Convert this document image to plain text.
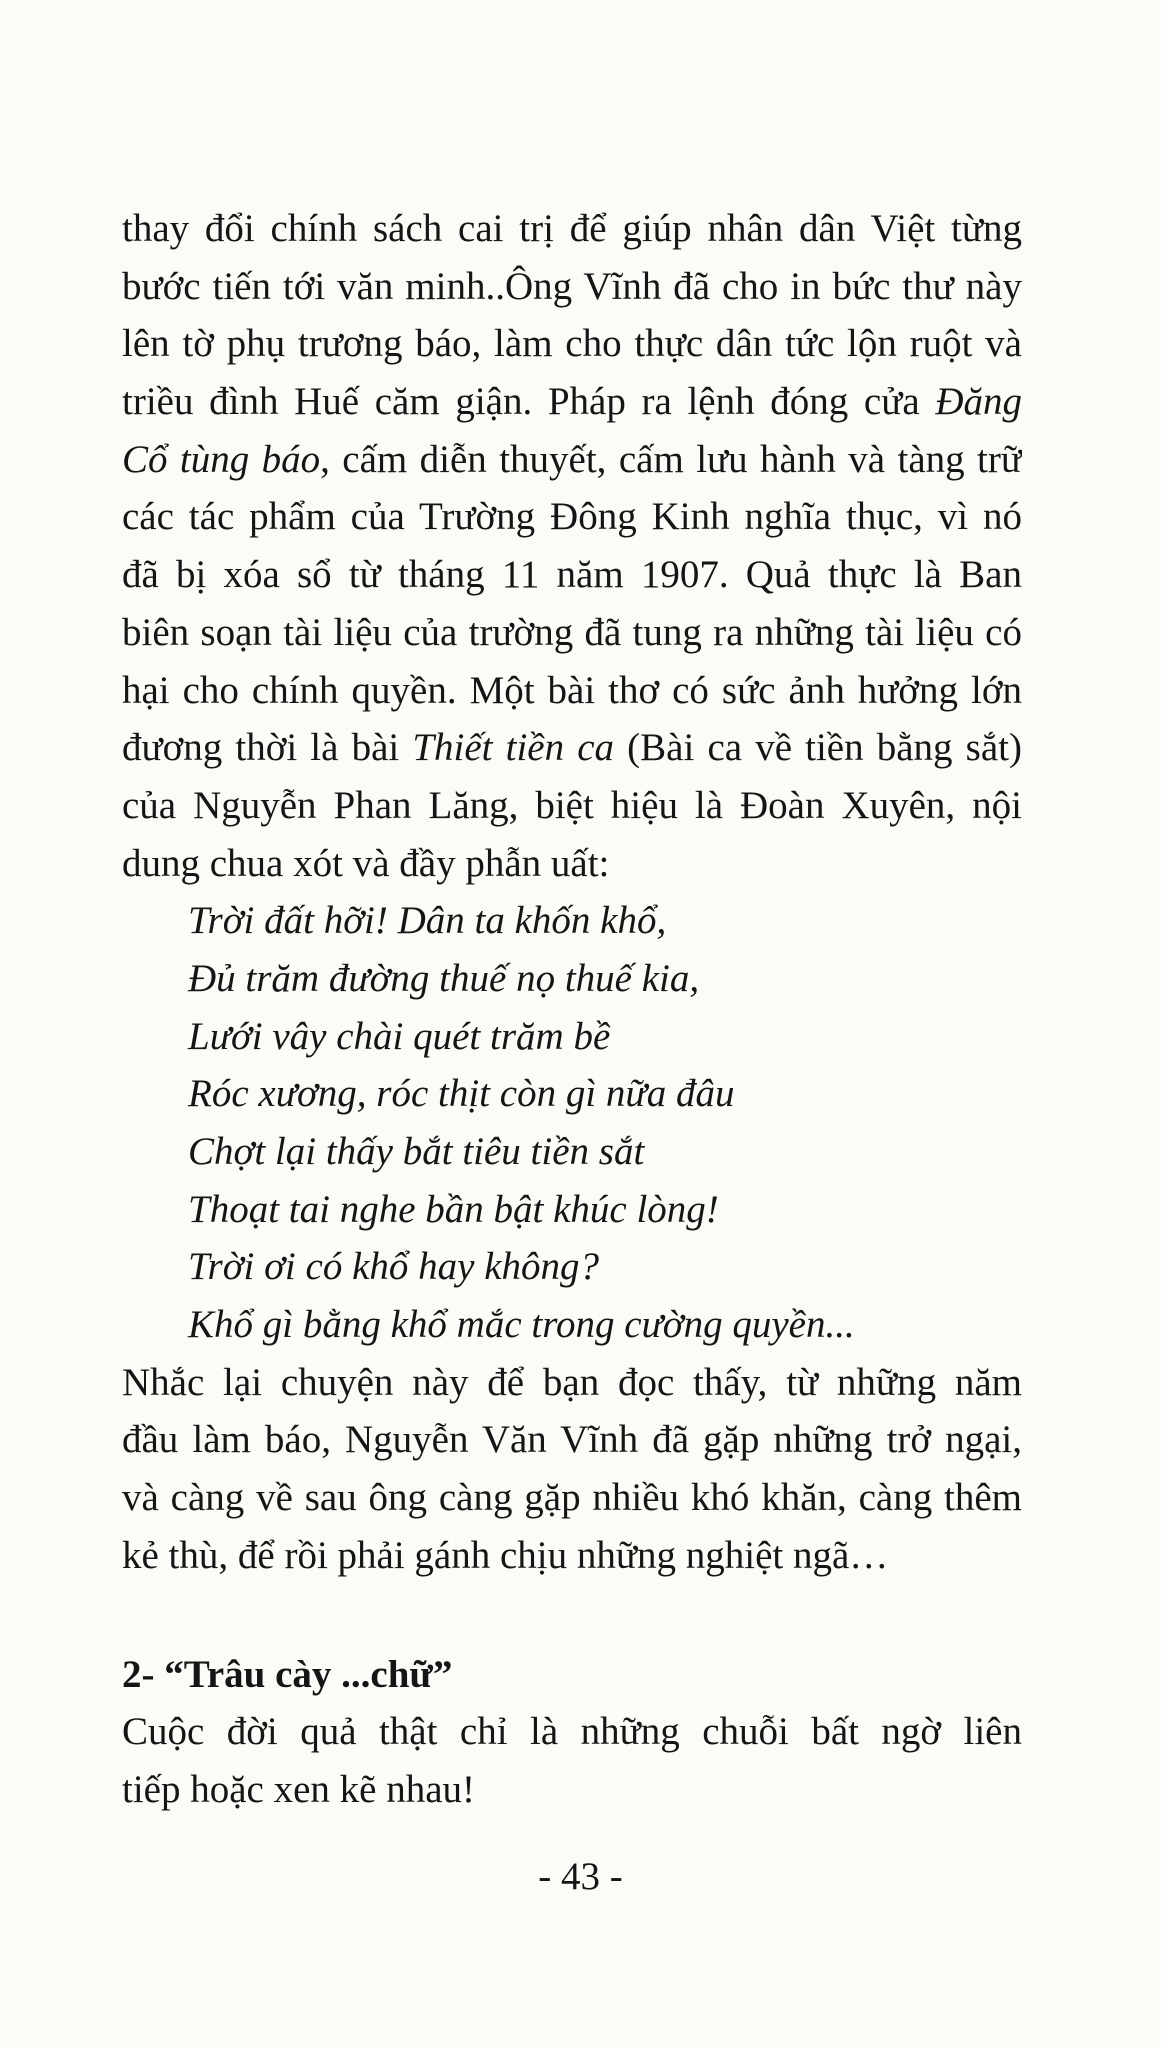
thay đổi chính sách cai trị để giúp nhân dân Việt từng
bước tiến tới văn minh..Ông Vĩnh đã cho in bức thư này
lên tờ phụ trương báo, làm cho thực dân tức lộn ruột và
triều đình Huế căm giận. Pháp ra lệnh đóng cửa Đăng
Cổ tùng báo, cấm diễn thuyết, cấm lưu hành và tàng trữ
các tác phẩm của Trường Đông Kinh nghĩa thục, vì nó
đã bị xóa sổ từ tháng 11 năm 1907. Quả thực là Ban
biên soạn tài liệu của trường đã tung ra những tài liệu có
hại cho chính quyền. Một bài thơ có sức ảnh hưởng lớn
đương thời là bài Thiết tiền ca (Bài ca về tiền bằng sắt)
của Nguyễn Phan Lăng, biệt hiệu là Đoàn Xuyên, nội
dung chua xót và đầy phẫn uất:
Trời đất hỡi! Dân ta khốn khổ,
Đủ trăm đường thuế nọ thuế kia,
Lưới vây chài quét trăm bề
Róc xương, róc thịt còn gì nữa đâu
Chợt lại thấy bắt tiêu tiền sắt
Thoạt tai nghe bần bật khúc lòng!
Trời ơi có khổ hay không?
Khổ gì bằng khổ mắc trong cường quyền...
Nhắc lại chuyện này để bạn đọc thấy, từ những năm
đầu làm báo, Nguyễn Văn Vĩnh đã gặp những trở ngại,
và càng về sau ông càng gặp nhiều khó khăn, càng thêm
kẻ thù, để rồi phải gánh chịu những nghiệt ngã…
2- “Trâu cày ...chữ”
Cuộc đời quả thật chỉ là những chuỗi bất ngờ liên
tiếp hoặc xen kẽ nhau!
- 43 -
